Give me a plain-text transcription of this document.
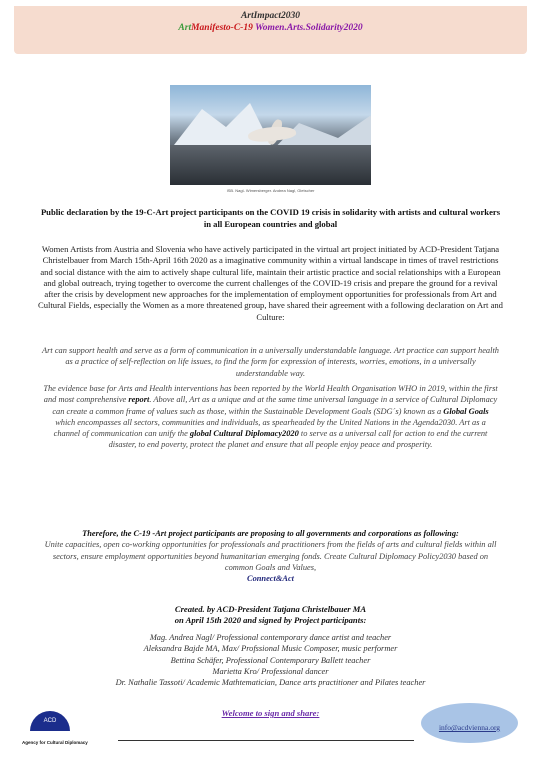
ArtImpact2030
ArtManifesto-C-19 Women.Arts.Solidarity2020
ISB. Nagl- Wimersberger. Andrea Nagl, Gletscher
Public declaration by the 19-C-Art project participants on the COVID 19 crisis in solidarity with artists and cultural workers in all European countries and global
Women Artists from Austria and Slovenia who have actively participated in the virtual art project initiated by ACD-President Tatjana Christelbauer from March 15th-April 16th 2020 as a imaginative community within a virtual landscape in times of travel restrictions and social distance with the aim to actively shape cultural life, maintain their artistic practice and social relationships with a European and global outreach, trying together to overcome the current challenges of the COVID-19 crisis and prepare the ground for a revival after the crisis by development new approaches for the implementation of employment opportunities for professionals from Art and Cultural Fields, especially the Women as a more threatened group, have shared their agreement with a following declaration on Art and Culture:
Art can support health and serve as a form of communication in a universally understandable language. Art practice can support health as a practice of self-reflection on life issues, to find the form for expression of interests, worries, emotions, in a universally understandable way.
The evidence base for Arts and Health interventions has been reported by the World Health Organisation WHO in 2019, within the first and most comprehensive report. Above all, Art as a unique and at the same time universal language in a service of Cultural Diplomacy can create a common frame of values such as those, within the Sustainable Development Goals (SDG´s) known as a Global Goals which encompasses all sectors, communities and individuals, as spearheaded by the United Nations in the Agenda2030. Art as a channel of communication can unify the global Cultural Diplomacy2020 to serve as a universal call for action to end the current disaster, to end poverty, protect the planet and ensure that all people enjoy peace and prosperity.
Therefore, the C-19 -Art project participants are proposing to all governments and corporations as following:
Unite capacities, open co-working opportunities for professionals and practitioners from the fields of arts and cultural fields within all sectors, ensure employment opportunities beyond humanitarian emerging fonds. Create Cultural Diplomacy Policy2030 based on common Goals and Values,
Connect&Act
Created. by ACD-President Tatjana Christelbauer MA
on April 15th 2020 and signed by Project participants:
Mag. Andrea Nagl/ Professional contemporary dance artist and teacher
Aleksandra Bajde MA, Max/ Profssional Music Composer, music performer
Bettina Schäfer, Professional Contemporary Ballett teacher
Marietta Kro/ Professional dancer
Dr. Nathalie Tassoti/ Academic Mathtematician, Dance arts practitioner and Pilates teacher
ACD
Agency for Cultural Diplomacy
Welcome to sign and share:
info@acdvienna.org
